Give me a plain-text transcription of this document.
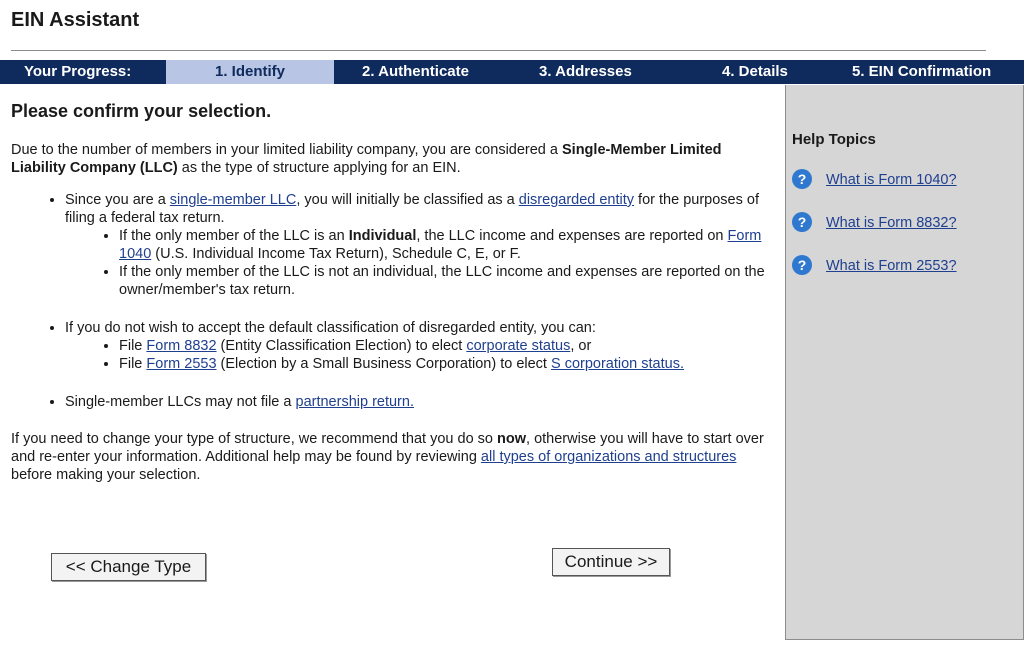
EIN Assistant
Your Progress:	1. Identify	2. Authenticate	3. Addresses	4. Details	5. EIN Confirmation
Please confirm your selection.

Due to the number of members in your limited liability company, you are considered a Single-Member Limited Liability Company (LLC) as the type of structure applying for an EIN.

• Since you are a single-member LLC, you will initially be classified as a disregarded entity for the purposes of filing a federal tax return.
• If the only member of the LLC is an Individual, the LLC income and expenses are reported on Form 1040 (U.S. Individual Income Tax Return), Schedule C, E, or F.
• If the only member of the LLC is not an individual, the LLC income and expenses are reported on the owner/member's tax return.
• If you do not wish to accept the default classification of disregarded entity, you can:
• File Form 8832 (Entity Classification Election) to elect corporate status, or
• File Form 2553 (Election by a Small Business Corporation) to elect S corporation status.
• Single-member LLCs may not file a partnership return.

If you need to change your type of structure, we recommend that you do so now, otherwise you will have to start over and re-enter your information. Additional help may be found by reviewing all types of organizations and structures before making your selection.

<< Change Type	Continue >>
Help Topics
?	What is Form 1040?
?	What is Form 8832?
?	What is Form 2553?
